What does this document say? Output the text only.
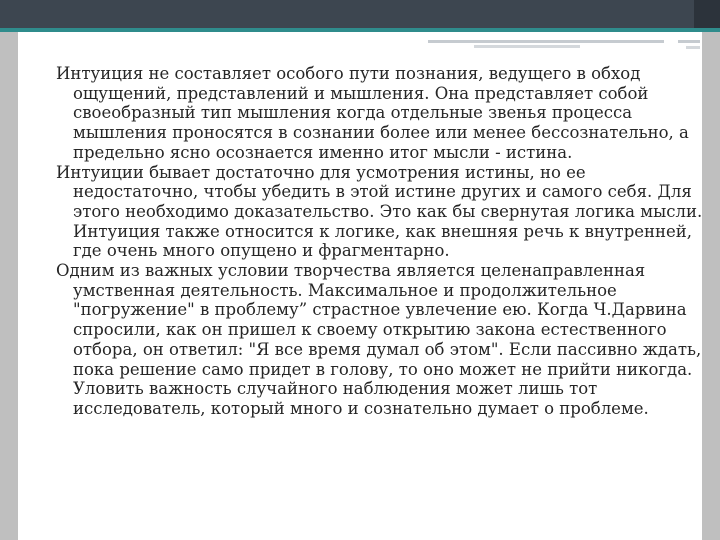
Интуиция не составляет особого пути познания, ведущего в обход ощущений, представлений и мышления. Она представляет собой своеобразный тип мышления когда отдельные звенья процесса мышления проносятся в сознании более или менее бессознательно, а предельно ясно осознается именно итог мысли - истина.

Интуиции бывает достаточно для усмотрения истины, но ее недостаточно, чтобы убедить в этой истине других и самого себя. Для этого необходимо доказательство. Это как бы свернутая логика мысли. Интуиция также относится к логике, как внешняя речь к внутренней, где очень много опущено и фрагментарно.

Одним из важных условии творчества является целенаправленная умственная деятельность. Максимальное и продолжительное "погружение" в проблему” страстное увлечение ею. Когда Ч.Дарвина спросили, как он пришел к своему открытию закона естественного отбора, он ответил: "Я все время думал об этом". Если пассивно ждать, пока решение само придет в голову, то оно может не прийти никогда. Уловить важность случайного наблюдения может лишь тот исследователь, который много и сознательно думает о проблеме.
